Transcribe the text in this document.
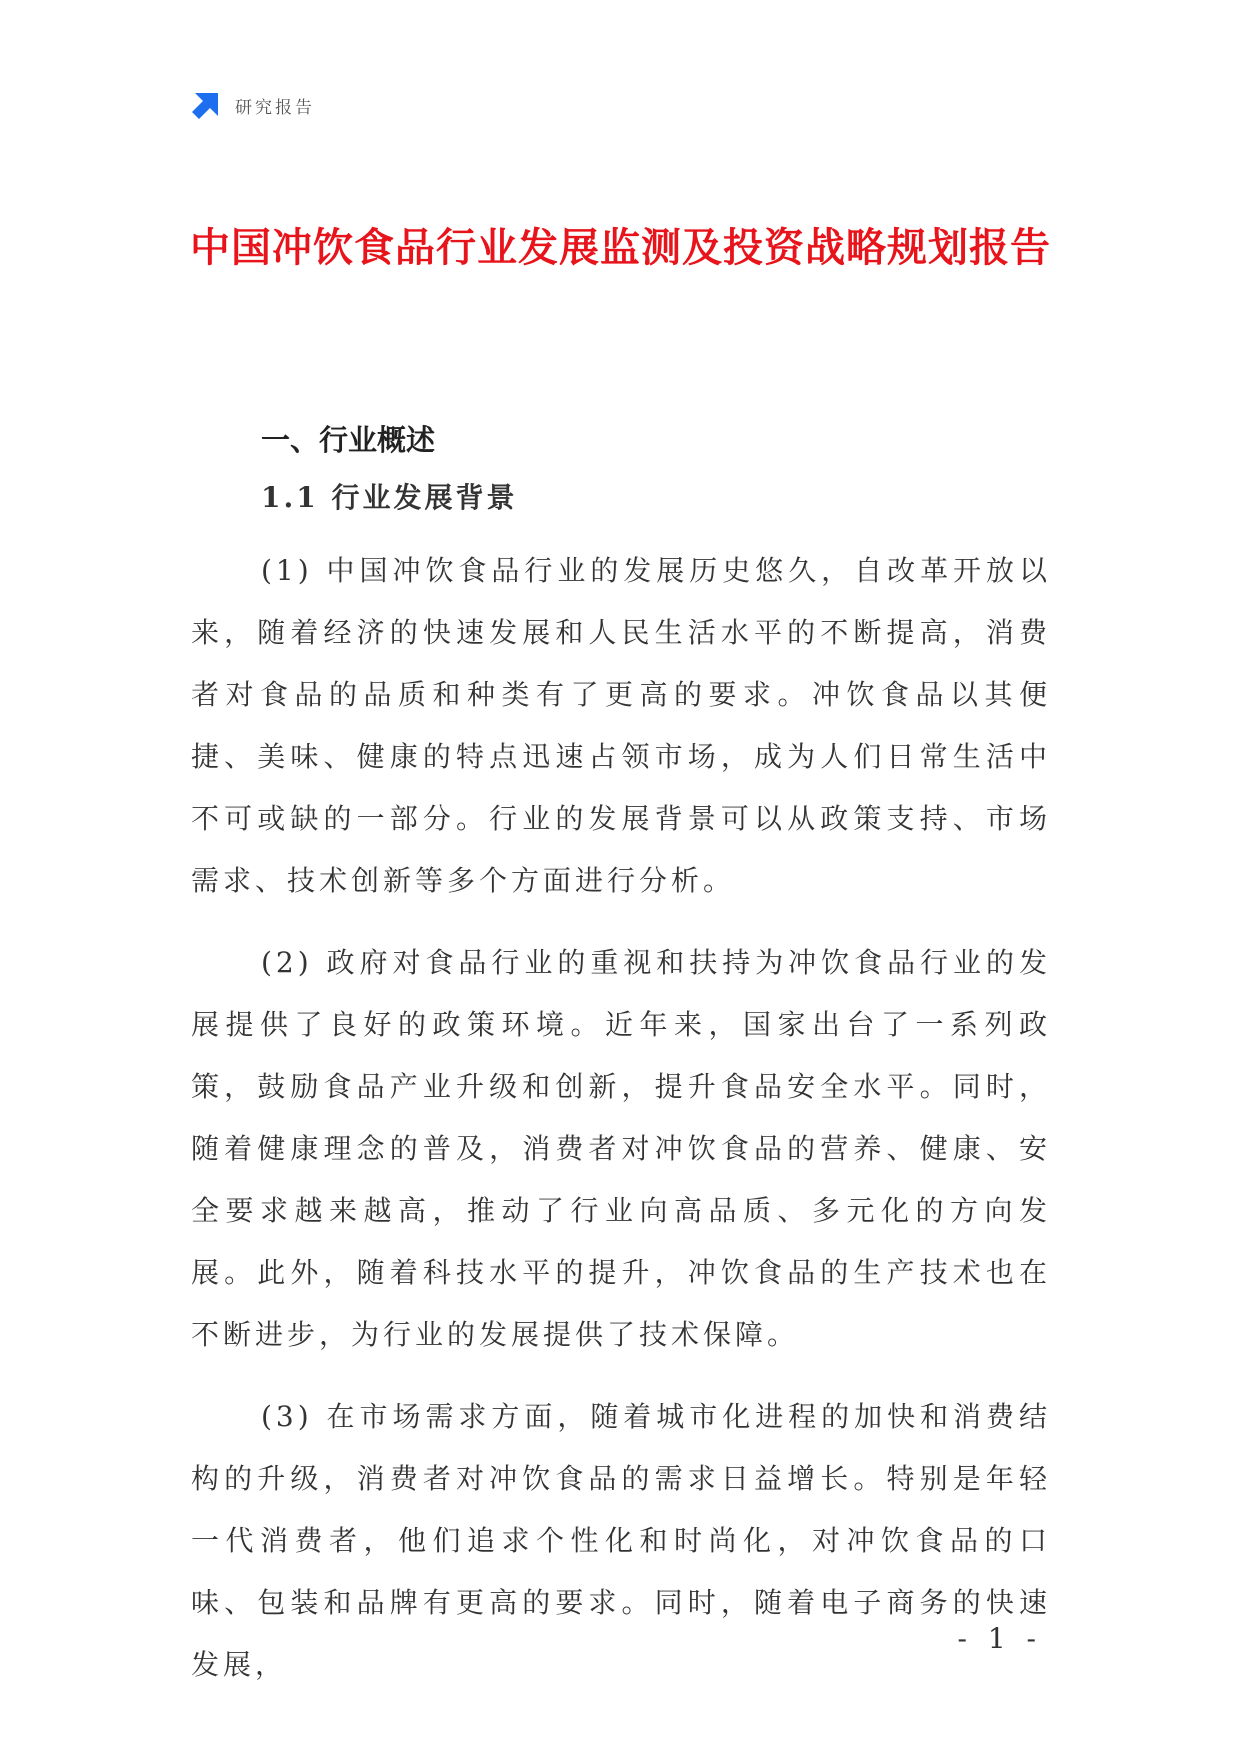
研究报告
中国冲饮食品行业发展监测及投资战略规划报告
一、行业概述
1.1 行业发展背景

(1) 中国冲饮食品行业的发展历史悠久，自改革开放以来，随着经济的快速发展和人民生活水平的不断提高，消费者对食品的品质和种类有了更高的要求。冲饮食品以其便捷、美味、健康的特点迅速占领市场，成为人们日常生活中不可或缺的一部分。行业的发展背景可以从政策支持、市场需求、技术创新等多个方面进行分析。

(2) 政府对食品行业的重视和扶持为冲饮食品行业的发展提供了良好的政策环境。近年来，国家出台了一系列政策，鼓励食品产业升级和创新，提升食品安全水平。同时，随着健康理念的普及，消费者对冲饮食品的营养、健康、安全要求越来越高，推动了行业向高品质、多元化的方向发展。此外，随着科技水平的提升，冲饮食品的生产技术也在不断进步，为行业的发展提供了技术保障。

(3) 在市场需求方面，随着城市化进程的加快和消费结构的升级，消费者对冲饮食品的需求日益增长。特别是年轻一代消费者，他们追求个性化和时尚化，对冲饮食品的口味、包装和品牌有更高的要求。同时，随着电子商务的快速发展，

- 1 -
